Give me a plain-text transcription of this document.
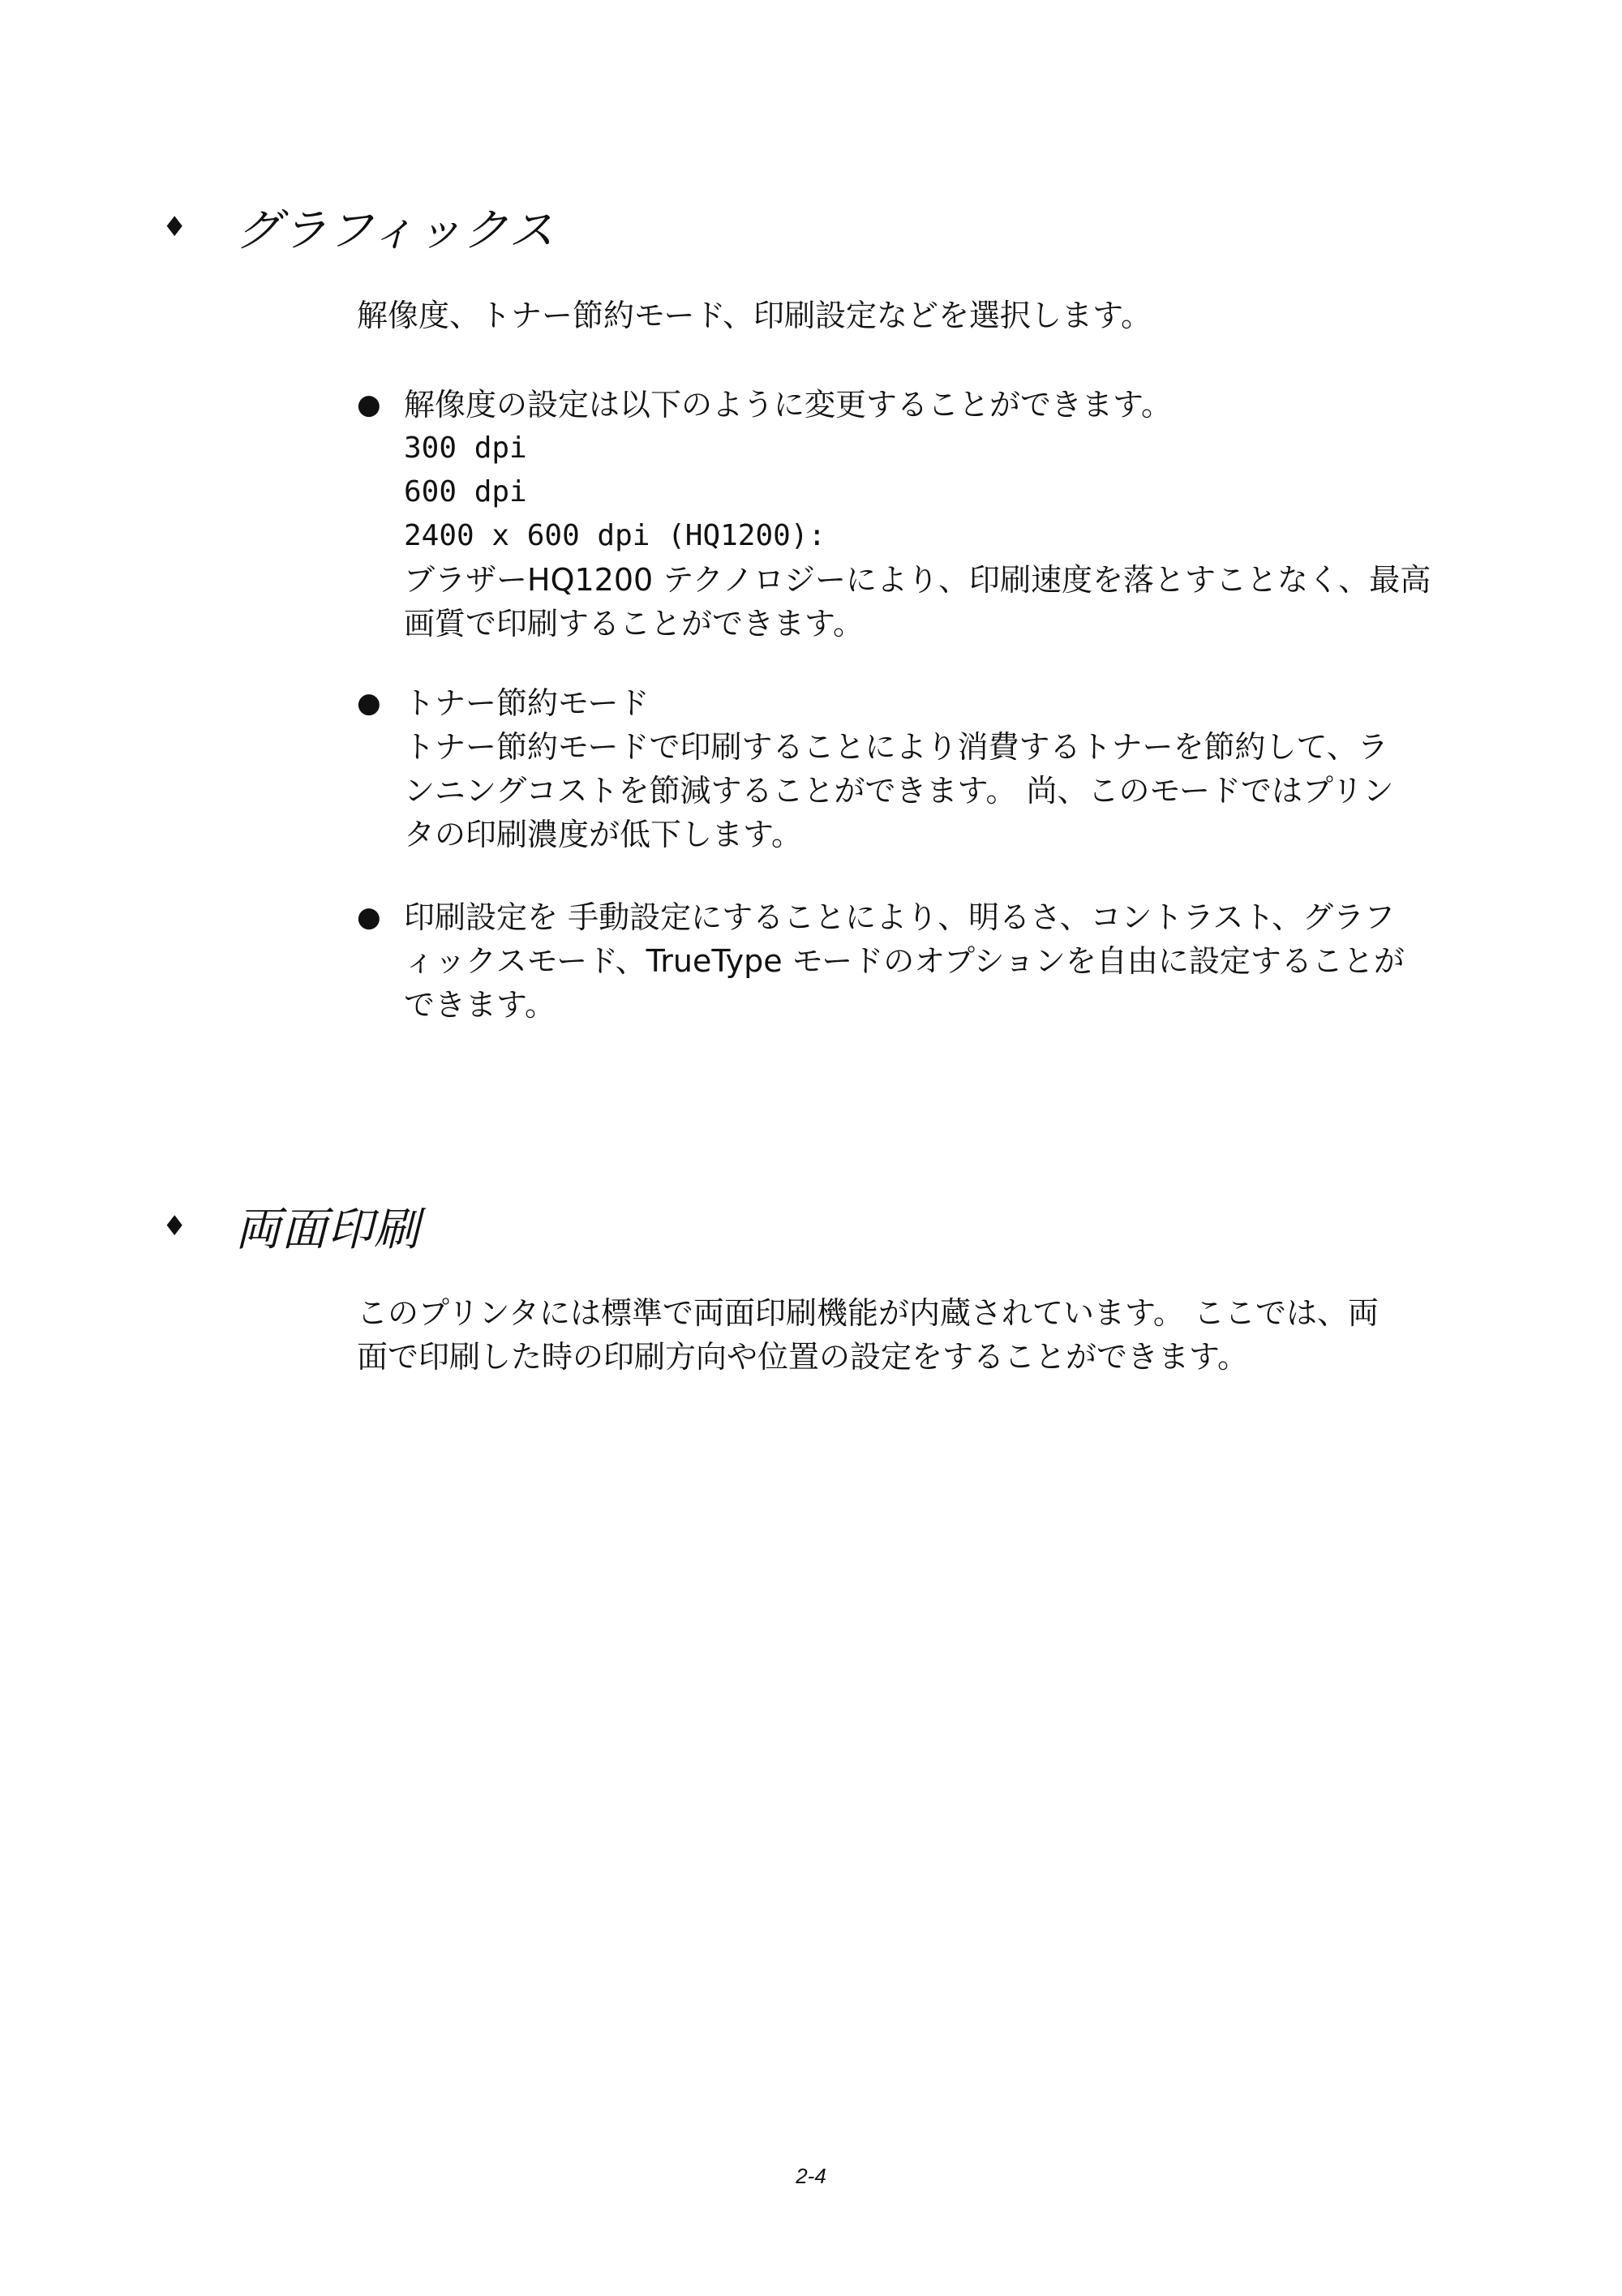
♦	グラフィックス

解像度、トナー節約モード、印刷設定などを選択します。

● 解像度の設定は以下のように変更することができます。
300 dpi
600 dpi
2400 x 600 dpi (HQ1200):
ブラザーHQ1200 テクノロジーにより、印刷速度を落とすことなく、最高
画質で印刷することができます。
● トナー節約モード
トナー節約モードで印刷することにより消費するトナーを節約して、ラ
ンニングコストを節減することができます。 尚、このモードではプリン
タの印刷濃度が低下します。
● 印刷設定を 手動設定にすることにより、明るさ、コントラスト、グラフ
ィックスモード、TrueType モードのオプションを自由に設定することが
できます。
♦	両面印刷
このプリンタには標準で両面印刷機能が内蔵されています。 ここでは、両
面で印刷した時の印刷方向や位置の設定をすることができます。
2-4
